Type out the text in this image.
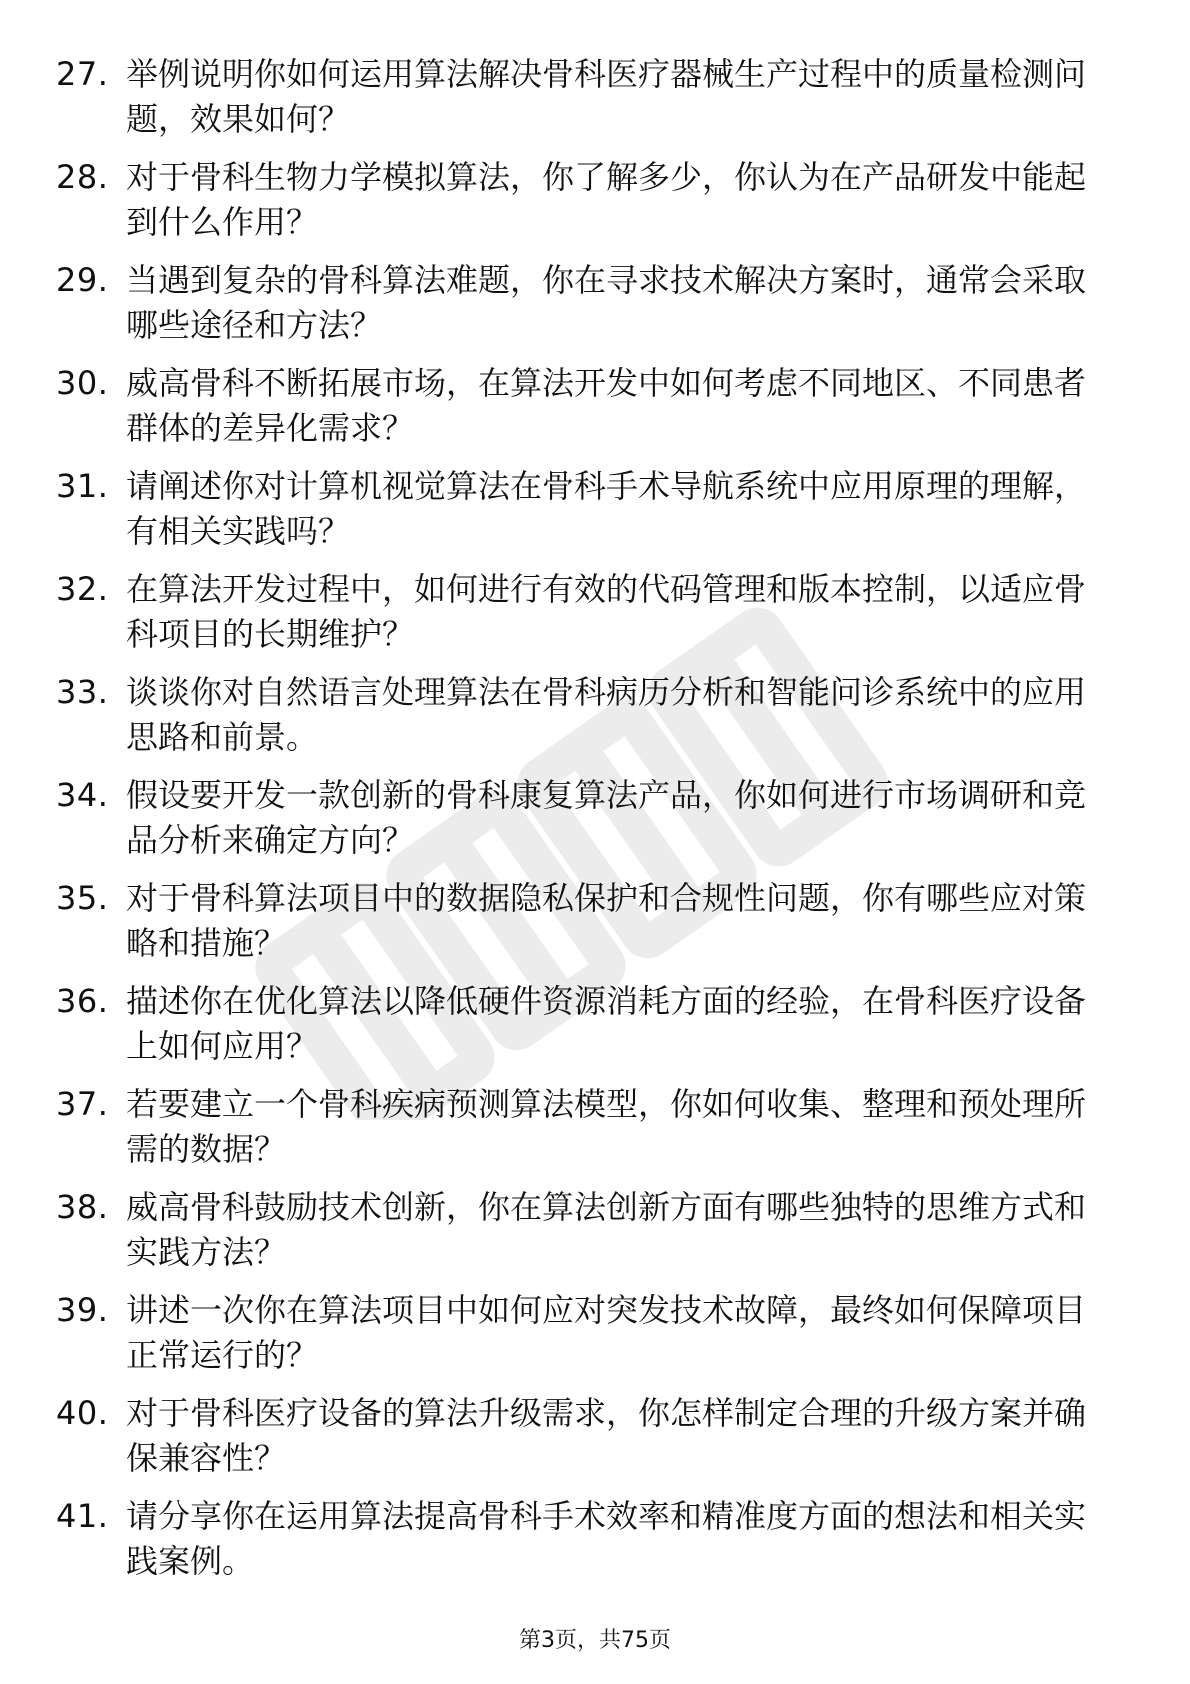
27. 举例说明你如何运用算法解决骨科医疗器械生产过程中的质量检测问题，效果如何？
28. 对于骨科生物力学模拟算法，你了解多少，你认为在产品研发中能起到什么作用？
29. 当遇到复杂的骨科算法难题，你在寻求技术解决方案时，通常会采取哪些途径和方法？
30. 威高骨科不断拓展市场，在算法开发中如何考虑不同地区、不同患者群体的差异化需求？
31. 请阐述你对计算机视觉算法在骨科手术导航系统中应用原理的理解，有相关实践吗？
32. 在算法开发过程中，如何进行有效的代码管理和版本控制，以适应骨科项目的长期维护？
33. 谈谈你对自然语言处理算法在骨科病历分析和智能问诊系统中的应用思路和前景。
34. 假设要开发一款创新的骨科康复算法产品，你如何进行市场调研和竞品分析来确定方向？
35. 对于骨科算法项目中的数据隐私保护和合规性问题，你有哪些应对策略和措施？
36. 描述你在优化算法以降低硬件资源消耗方面的经验，在骨科医疗设备上如何应用？
37. 若要建立一个骨科疾病预测算法模型，你如何收集、整理和预处理所需的数据？
38. 威高骨科鼓励技术创新，你在算法创新方面有哪些独特的思维方式和实践方法？
39. 讲述一次你在算法项目中如何应对突发技术故障，最终如何保障项目正常运行的？
40. 对于骨科医疗设备的算法升级需求，你怎样制定合理的升级方案并确保兼容性？
41. 请分享你在运用算法提高骨科手术效率和精准度方面的想法和相关实践案例。
第3页，共75页
